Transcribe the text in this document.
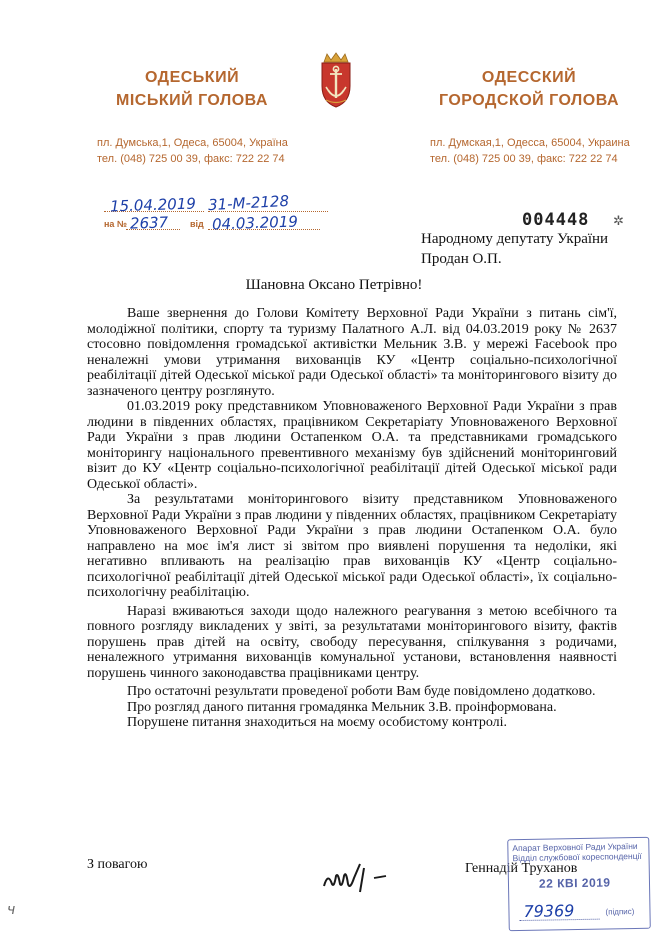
ОДЕСЬКИЙ
МІСЬКИЙ ГОЛОВА
ОДЕССКИЙ
ГОРОДСКОЙ ГОЛОВА
пл. Думська,1, Одеса, 65004, Україна
тел. (048) 725 00 39, факс: 722 22 74
пл. Думская,1, Одесса, 65004, Украина
тел. (048) 725 00 39, факс: 722 22 74
15.04.2019 31-М-2128
на № 2637 від 04.03.2019	004448 ✲
Народному депутату України
Продан О.П.
Шановна Оксано Петрівно!

Ваше звернення до Голови Комітету Верховної Ради України з питань сім'ї, молодіжної політики, спорту та туризму Палатного А.Л. від 04.03.2019 року № 2637 стосовно повідомлення громадської активістки Мельник З.В. у мережі Facebook про неналежні умови утримання вихованців КУ «Центр соціально-психологічної реабілітації дітей Одеської міської ради Одеської області» та моніторингового візиту до зазначеного центру розглянуто.

01.03.2019 року представником Уповноваженого Верховної Ради України з прав людини в південних областях, працівником Секретаріату Уповноваженого Верховної Ради України з прав людини Остапенком О.А. та представниками громадського моніторингу національного превентивного механізму був здійснений моніторинговий візит до КУ «Центр соціально-психологічної реабілітації дітей Одеської міської ради Одеської області».

За результатами моніторингового візиту представником Уповноваженого Верховної Ради України з прав людини у південних областях, працівником Секретаріату Уповноваженого Верховної Ради України з прав людини Остапенком О.А. було направлено на моє ім'я лист зі звітом про виявлені порушення та недоліки, які негативно впливають на реалізацію прав вихованців КУ «Центр соціально-психологічної реабілітації дітей Одеської міської ради Одеської області», їх соціально-психологічну реабілітацію.

Наразі вживаються заходи щодо належного реагування з метою всебічного та повного розгляду викладених у звіті, за результатами моніторингового візиту, фактів порушень прав дітей на освіту, свободу пересування, спілкування з родичами, неналежного утримання вихованців комунальної установи, встановлення наявності порушень чинного законодавства працівниками центру.

Про остаточні результати проведеної роботи Вам буде повідомлено додатково.

Про розгляд даного питання громадянка Мельник З.В. проінформована.

Порушене питання знаходиться на моєму особистому контролі.

З повагою	Геннадій Труханов
ч
Апарат Верховної Ради України
Відділ службової кореспонденції
22 КВІ 2019
79369	(підпис)
